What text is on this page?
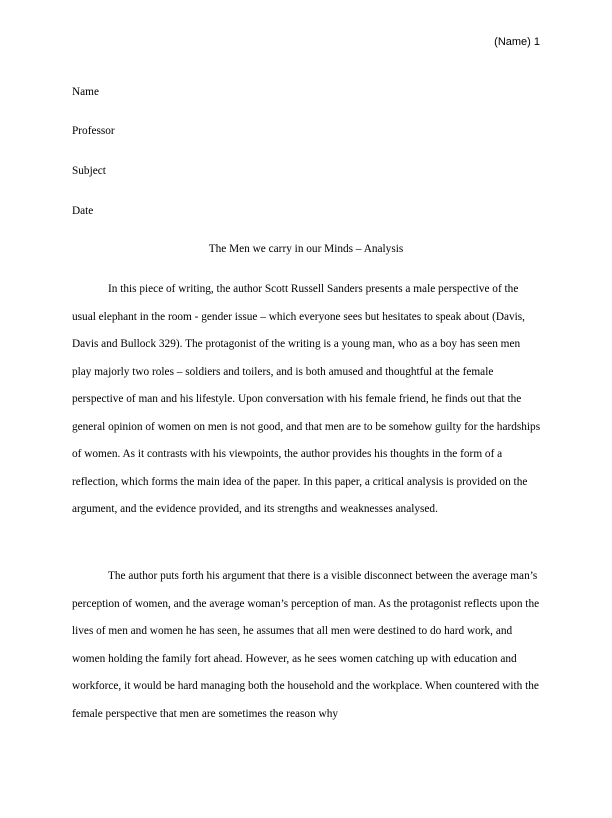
(Name) 1
Name
Professor
Subject
Date
The Men we carry in our Minds – Analysis

In this piece of writing, the author Scott Russell Sanders presents a male perspective of the usual elephant in the room - gender issue – which everyone sees but hesitates to speak about (Davis, Davis and Bullock 329). The protagonist of the writing is a young man, who as a boy has seen men play majorly two roles – soldiers and toilers, and is both amused and thoughtful at the female perspective of man and his lifestyle. Upon conversation with his female friend, he finds out that the general opinion of women on men is not good, and that men are to be somehow guilty for the hardships of women. As it contrasts with his viewpoints, the author provides his thoughts in the form of a reflection, which forms the main idea of the paper. In this paper, a critical analysis is provided on the argument, and the evidence provided, and its strengths and weaknesses analysed.

The author puts forth his argument that there is a visible disconnect between the average man’s perception of women, and the average woman’s perception of man. As the protagonist reflects upon the lives of men and women he has seen, he assumes that all men were destined to do hard work, and women holding the family fort ahead. However, as he sees women catching up with education and workforce, it would be hard managing both the household and the workplace. When countered with the female perspective that men are sometimes the reason why
